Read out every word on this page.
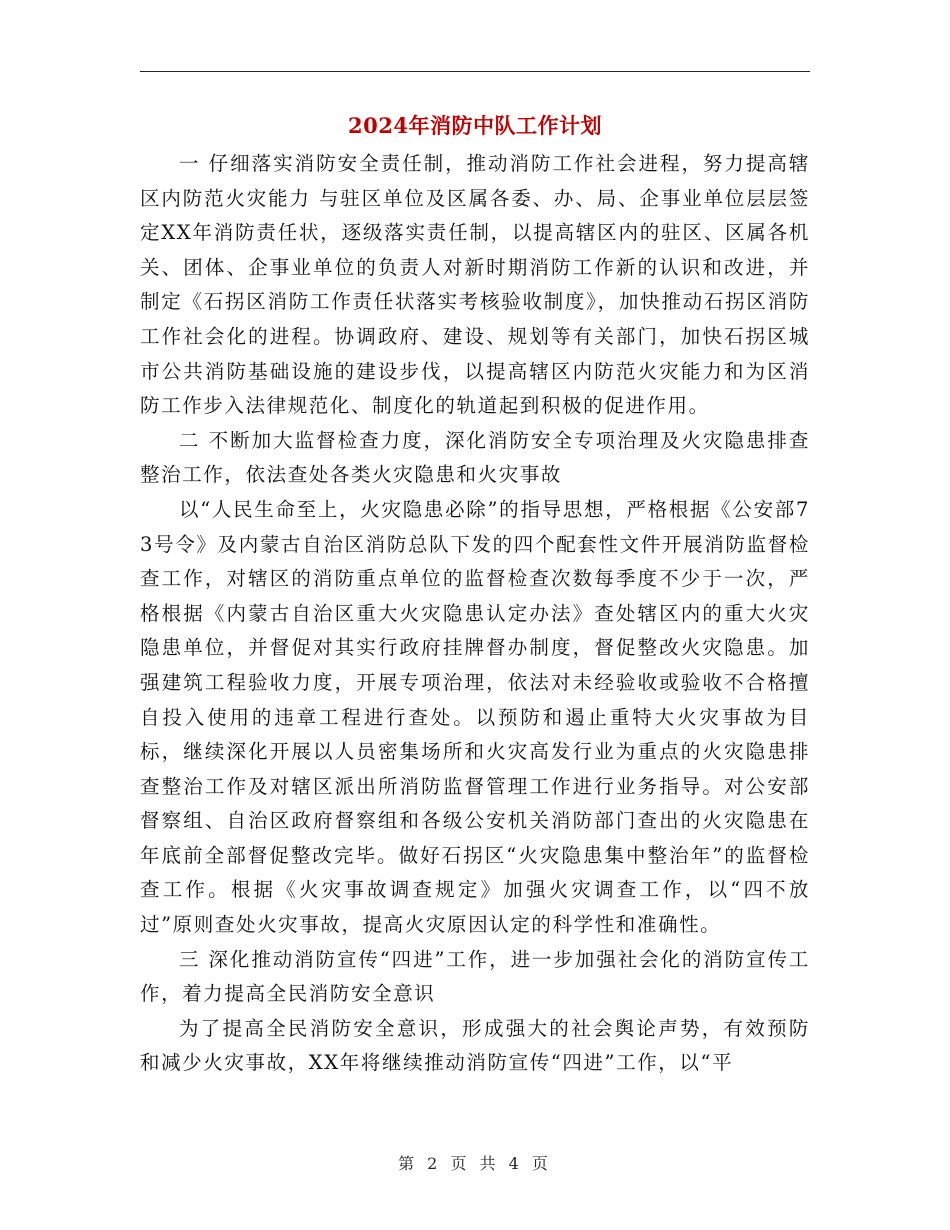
2024年消防中队工作计划

一 仔细落实消防安全责任制，推动消防工作社会进程，努力提高辖区内防范火灾能力 与驻区单位及区属各委、办、局、企事业单位层层签定XX年消防责任状，逐级落实责任制，以提高辖区内的驻区、区属各机关、团体、企事业单位的负责人对新时期消防工作新的认识和改进，并制定《石拐区消防工作责任状落实考核验收制度》，加快推动石拐区消防工作社会化的进程。协调政府、建设、规划等有关部门，加快石拐区城市公共消防基础设施的建设步伐，以提高辖区内防范火灾能力和为区消防工作步入法律规范化、制度化的轨道起到积极的促进作用。

二 不断加大监督检查力度，深化消防安全专项治理及火灾隐患排查整治工作，依法查处各类火灾隐患和火灾事故

以“人民生命至上，火灾隐患必除”的指导思想，严格根据《公安部73号令》及内蒙古自治区消防总队下发的四个配套性文件开展消防监督检查工作，对辖区的消防重点单位的监督检查次数每季度不少于一次，严格根据《内蒙古自治区重大火灾隐患认定办法》查处辖区内的重大火灾隐患单位，并督促对其实行政府挂牌督办制度，督促整改火灾隐患。加强建筑工程验收力度，开展专项治理，依法对未经验收或验收不合格擅自投入使用的违章工程进行查处。以预防和遏止重特大火灾事故为目标，继续深化开展以人员密集场所和火灾高发行业为重点的火灾隐患排查整治工作及对辖区派出所消防监督管理工作进行业务指导。对公安部督察组、自治区政府督察组和各级公安机关消防部门查出的火灾隐患在年底前全部督促整改完毕。做好石拐区“火灾隐患集中整治年”的监督检查工作。根据《火灾事故调查规定》加强火灾调查工作，以“四不放过”原则查处火灾事故，提高火灾原因认定的科学性和准确性。

三 深化推动消防宣传“四进”工作，进一步加强社会化的消防宣传工作，着力提高全民消防安全意识

为了提高全民消防安全意识，形成强大的社会舆论声势，有效预防和减少火灾事故，XX年将继续推动消防宣传“四进”工作，以“平

第 2 页 共 4 页
